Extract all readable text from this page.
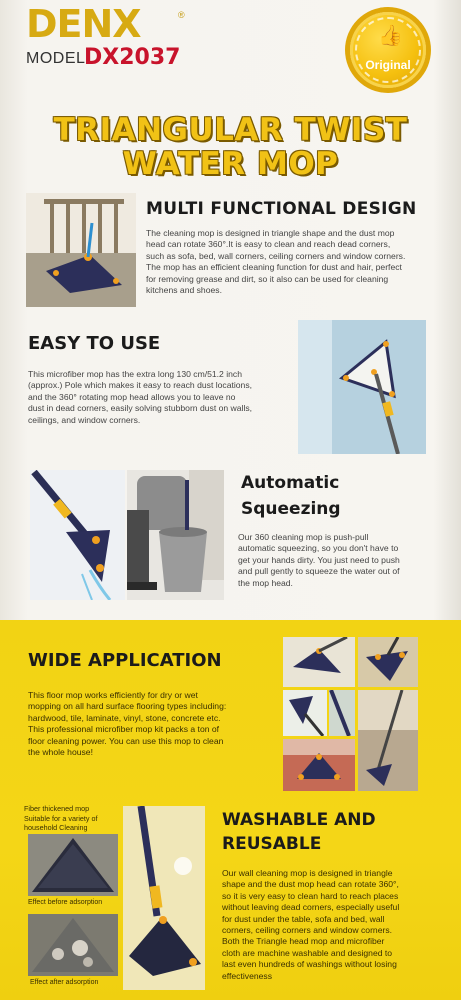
DENX	®
MODEL
DX2037
👍
Original
TRIANGULAR TWIST
WATER MOP
MULTI FUNCTIONAL DESIGN
The cleaning mop is designed in triangle shape and the dust mop
head can rotate 360°.It is easy to clean and reach dead corners,
such as sofa, bed, wall corners, ceiling corners and window corners.
The mop has an efficient cleaning function for dust and hair, perfect
for removing grease and dirt, so it also can be used for cleaning
kitchens and shoes.
EASY TO USE
This microfiber mop has the extra long 130 cm/51.2 inch
(approx.) Pole which makes it easy to reach dust locations,
and the 360° rotating mop head allows you to leave no
dust in dead corners, easily solving stubborn dust on walls,
ceilings, and window corners.
Automatic
Squeezing
Our 360 cleaning mop is push-pull
automatic squeezing, so you don't have to
get your hands dirty. You just need to push
and pull gently to squeeze the water out of
the mop head.
WIDE APPLICATION
This floor mop works efficiently for dry or wet
mopping on all hard surface flooring types including:
hardwood, tile, laminate, vinyl, stone, concrete etc.
This professional microfiber mop kit packs a ton of
floor cleaning power. You can use this mop to clean
the whole house!
Fiber thickened mop
Suitable for a variety of
household Cleaning
Effect before adsorption
Effect after adsorption
WASHABLE AND
REUSABLE
Our wall cleaning mop is designed in triangle
shape and the dust mop head can rotate 360°,
so it is very easy to clean hard to reach places
without leaving dead corners, especially useful
for dust under the table, sofa and bed, wall
corners, ceiling corners and window corners.
Both the Triangle head mop and microfiber
cloth are machine washable and designed to
last even hundreds of washings without losing
effectiveness
